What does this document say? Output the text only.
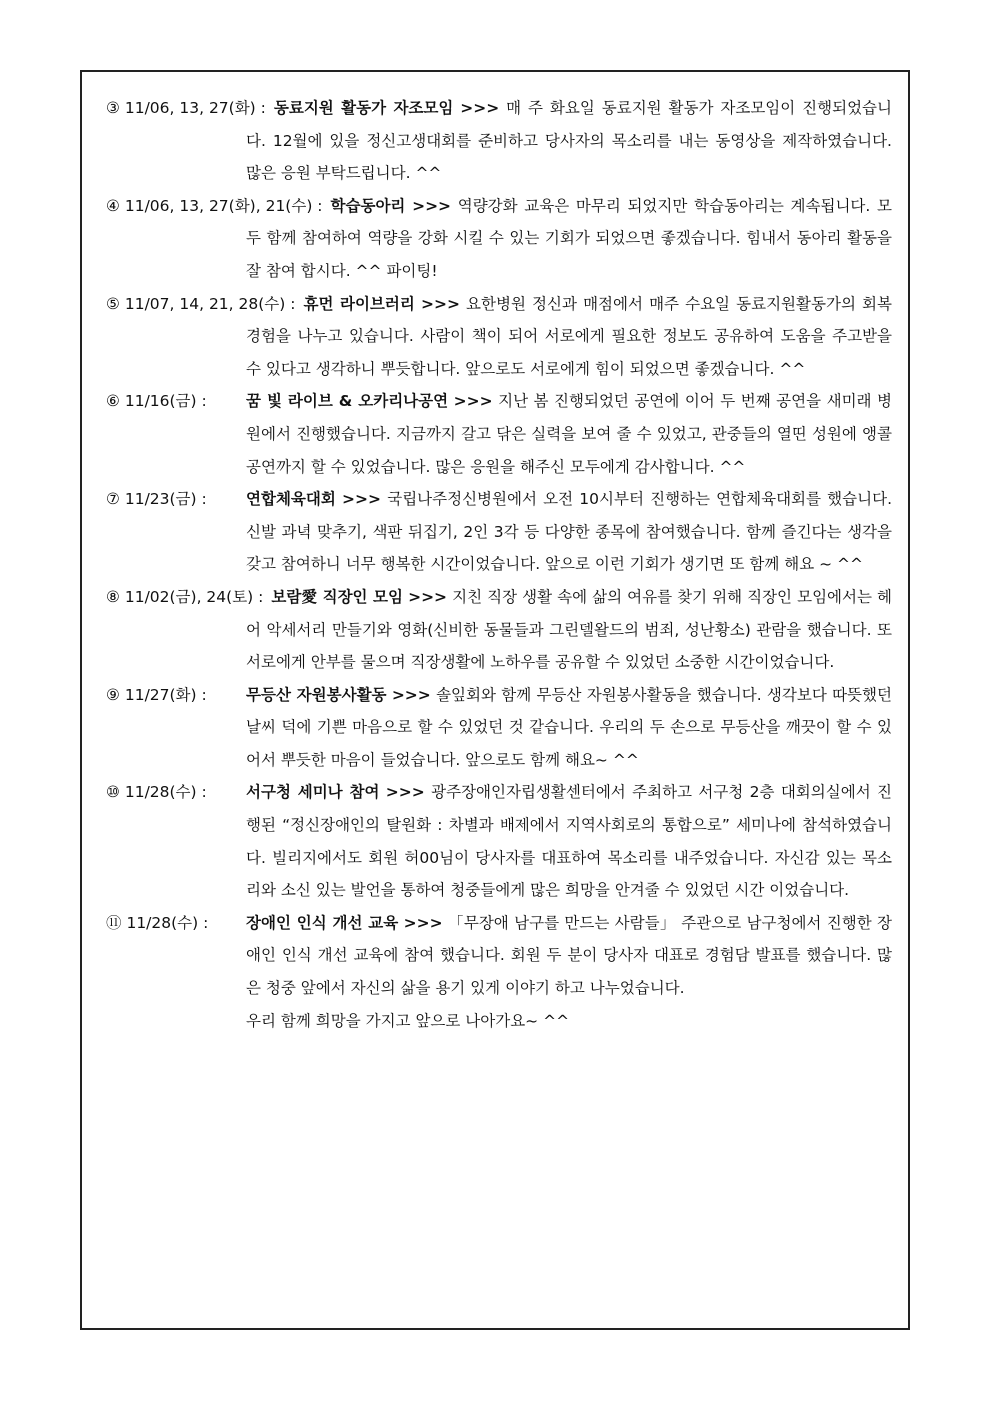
③ 11/06, 13, 27(화) : 동료지원 활동가 자조모임 >>> 매 주 화요일 동료지원 활동가 자조모임이 진행되었습니다. 12월에 있을 정신고생대회를 준비하고 당사자의 목소리를 내는 동영상을 제작하였습니다. 많은 응원 부탁드립니다. ^^
④ 11/06, 13, 27(화), 21(수) : 학습동아리 >>> 역량강화 교육은 마무리 되었지만 학습동아리는 계속됩니다. 모두 함께 참여하여 역량을 강화 시킬 수 있는 기회가 되었으면 좋겠습니다. 힘내서 동아리 활동을 잘 참여 합시다. ^^ 파이팅!
⑤ 11/07, 14, 21, 28(수) : 휴먼 라이브러리 >>> 요한병원 정신과 매점에서 매주 수요일 동료지원활동가의 회복 경험을 나누고 있습니다. 사람이 책이 되어 서로에게 필요한 정보도 공유하여 도움을 주고받을 수 있다고 생각하니 뿌듯합니다. 앞으로도 서로에게 힘이 되었으면 좋겠습니다. ^^
⑥ 11/16(금) :	꿈 빛 라이브 & 오카리나공연 >>> 지난 봄 진행되었던 공연에 이어 두 번째 공연을 새미래 병원에서 진행했습니다. 지금까지 갈고 닦은 실력을 보여 줄 수 있었고, 관중들의 열띤 성원에 앵콜 공연까지 할 수 있었습니다. 많은 응원을 해주신 모두에게 감사합니다. ^^
⑦ 11/23(금) :	연합체육대회 >>> 국립나주정신병원에서 오전 10시부터 진행하는 연합체육대회를 했습니다. 신발 과녁 맞추기, 색판 뒤집기, 2인 3각 등 다양한 종목에 참여했습니다. 함께 즐긴다는 생각을 갖고 참여하니 너무 행복한 시간이었습니다. 앞으로 이런 기회가 생기면 또 함께 해요 ~ ^^
⑧ 11/02(금), 24(토) : 보람愛 직장인 모임 >>> 지친 직장 생활 속에 삶의 여유를 찾기 위해 직장인 모임에서는 헤어 악세서리 만들기와 영화(신비한 동물들과 그린델왈드의 범죄, 성난황소) 관람을 했습니다. 또 서로에게 안부를 물으며 직장생활에 노하우를 공유할 수 있었던 소중한 시간이었습니다.
⑨ 11/27(화) :	무등산 자원봉사활동 >>> 솔잎회와 함께 무등산 자원봉사활동을 했습니다. 생각보다 따뜻했던 날씨 덕에 기쁜 마음으로 할 수 있었던 것 같습니다. 우리의 두 손으로 무등산을 깨끗이 할 수 있어서 뿌듯한 마음이 들었습니다. 앞으로도 함께 해요~ ^^
⑩ 11/28(수) :	서구청 세미나 참여 >>> 광주장애인자립생활센터에서 주최하고 서구청 2층 대회의실에서 진행된 “정신장애인의 탈원화 : 차별과 배제에서 지역사회로의 통합으로” 세미나에 참석하였습니다. 빌리지에서도 회원 허00님이 당사자를 대표하여 목소리를 내주었습니다. 자신감 있는 목소리와 소신 있는 발언을 통하여 청중들에게 많은 희망을 안겨줄 수 있었던 시간 이었습니다.
⑪ 11/28(수) :	장애인 인식 개선 교육 >>> 「무장애 남구를 만드는 사람들」 주관으로 남구청에서 진행한 장애인 인식 개선 교육에 참여 했습니다. 회원 두 분이 당사자 대표로 경험담 발표를 했습니다. 많은 청중 앞에서 자신의 삶을 용기 있게 이야기 하고 나누었습니다.
우리 함께 희망을 가지고 앞으로 나아가요~ ^^
